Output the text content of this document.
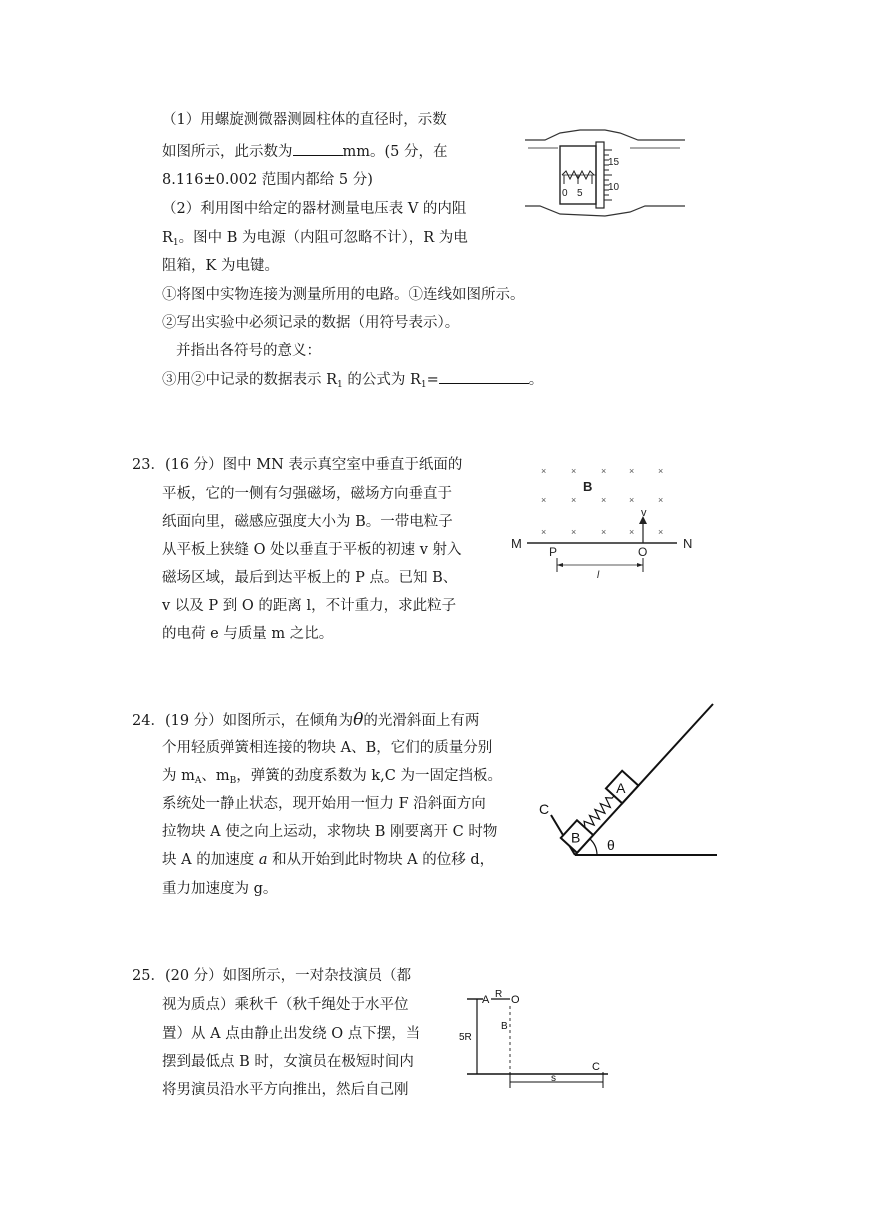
（1）用螺旋测微器测圆柱体的直径时，示数
如图所示，此示数为	mm。(5 分，在
8.116±0.002 范围内都给 5 分)
（2）利用图中给定的器材测量电压表 V 的内阻
$R_1$。图中 B 为电源（内阻可忽略不计），R 为电
阻箱，K 为电键。
①将图中实物连接为测量所用的电路。①连线如图所示。
②写出实验中必须记录的数据（用符号表示）。
并指出各符号的意义：
③用②中记录的数据表示 $R_1$ 的公式为 $R_1=$	。
15
10
0 5
23．(16 分）图中 MN 表示真空室中垂直于纸面的
平板，它的一侧有匀强磁场，磁场方向垂直于
纸面向里，磁感应强度大小为 B。一带电粒子
从平板上狭缝 O 处以垂直于平板的初速 v 射入
磁场区域，最后到达平板上的 P 点。已知 B、
v 以及 P 到 O 的距离 l，不计重力，求此粒子
的电荷 e 与质量 m 之比。
×	×	×	×	×
×	×	×	×	×
×	×	×	×	×
B
M	N
v
P	O
l
24．(19 分）如图所示，在倾角为θ的光滑斜面上有两
个用轻质弹簧相连接的物块 A、B，它们的质量分别
为 $m_A$、$m_B$，弹簧的劲度系数为 k,C 为一固定挡板。
系统处一静止状态，现开始用一恒力 F 沿斜面方向
拉物块 A 使之向上运动，求物块 B 刚要离开 C 时物
块 A 的加速度 a 和从开始到此时物块 A 的位移 d，
重力加速度为 g。
C
B
A
θ
25．(20 分）如图所示，一对杂技演员（都
视为质点）乘秋千（秋千绳处于水平位
置）从 A 点由静止出发绕 O 点下摆，当
摆到最低点 B 时，女演员在极短时间内
将男演员沿水平方向推出，然后自己刚
A R O
B
5R
s
C
